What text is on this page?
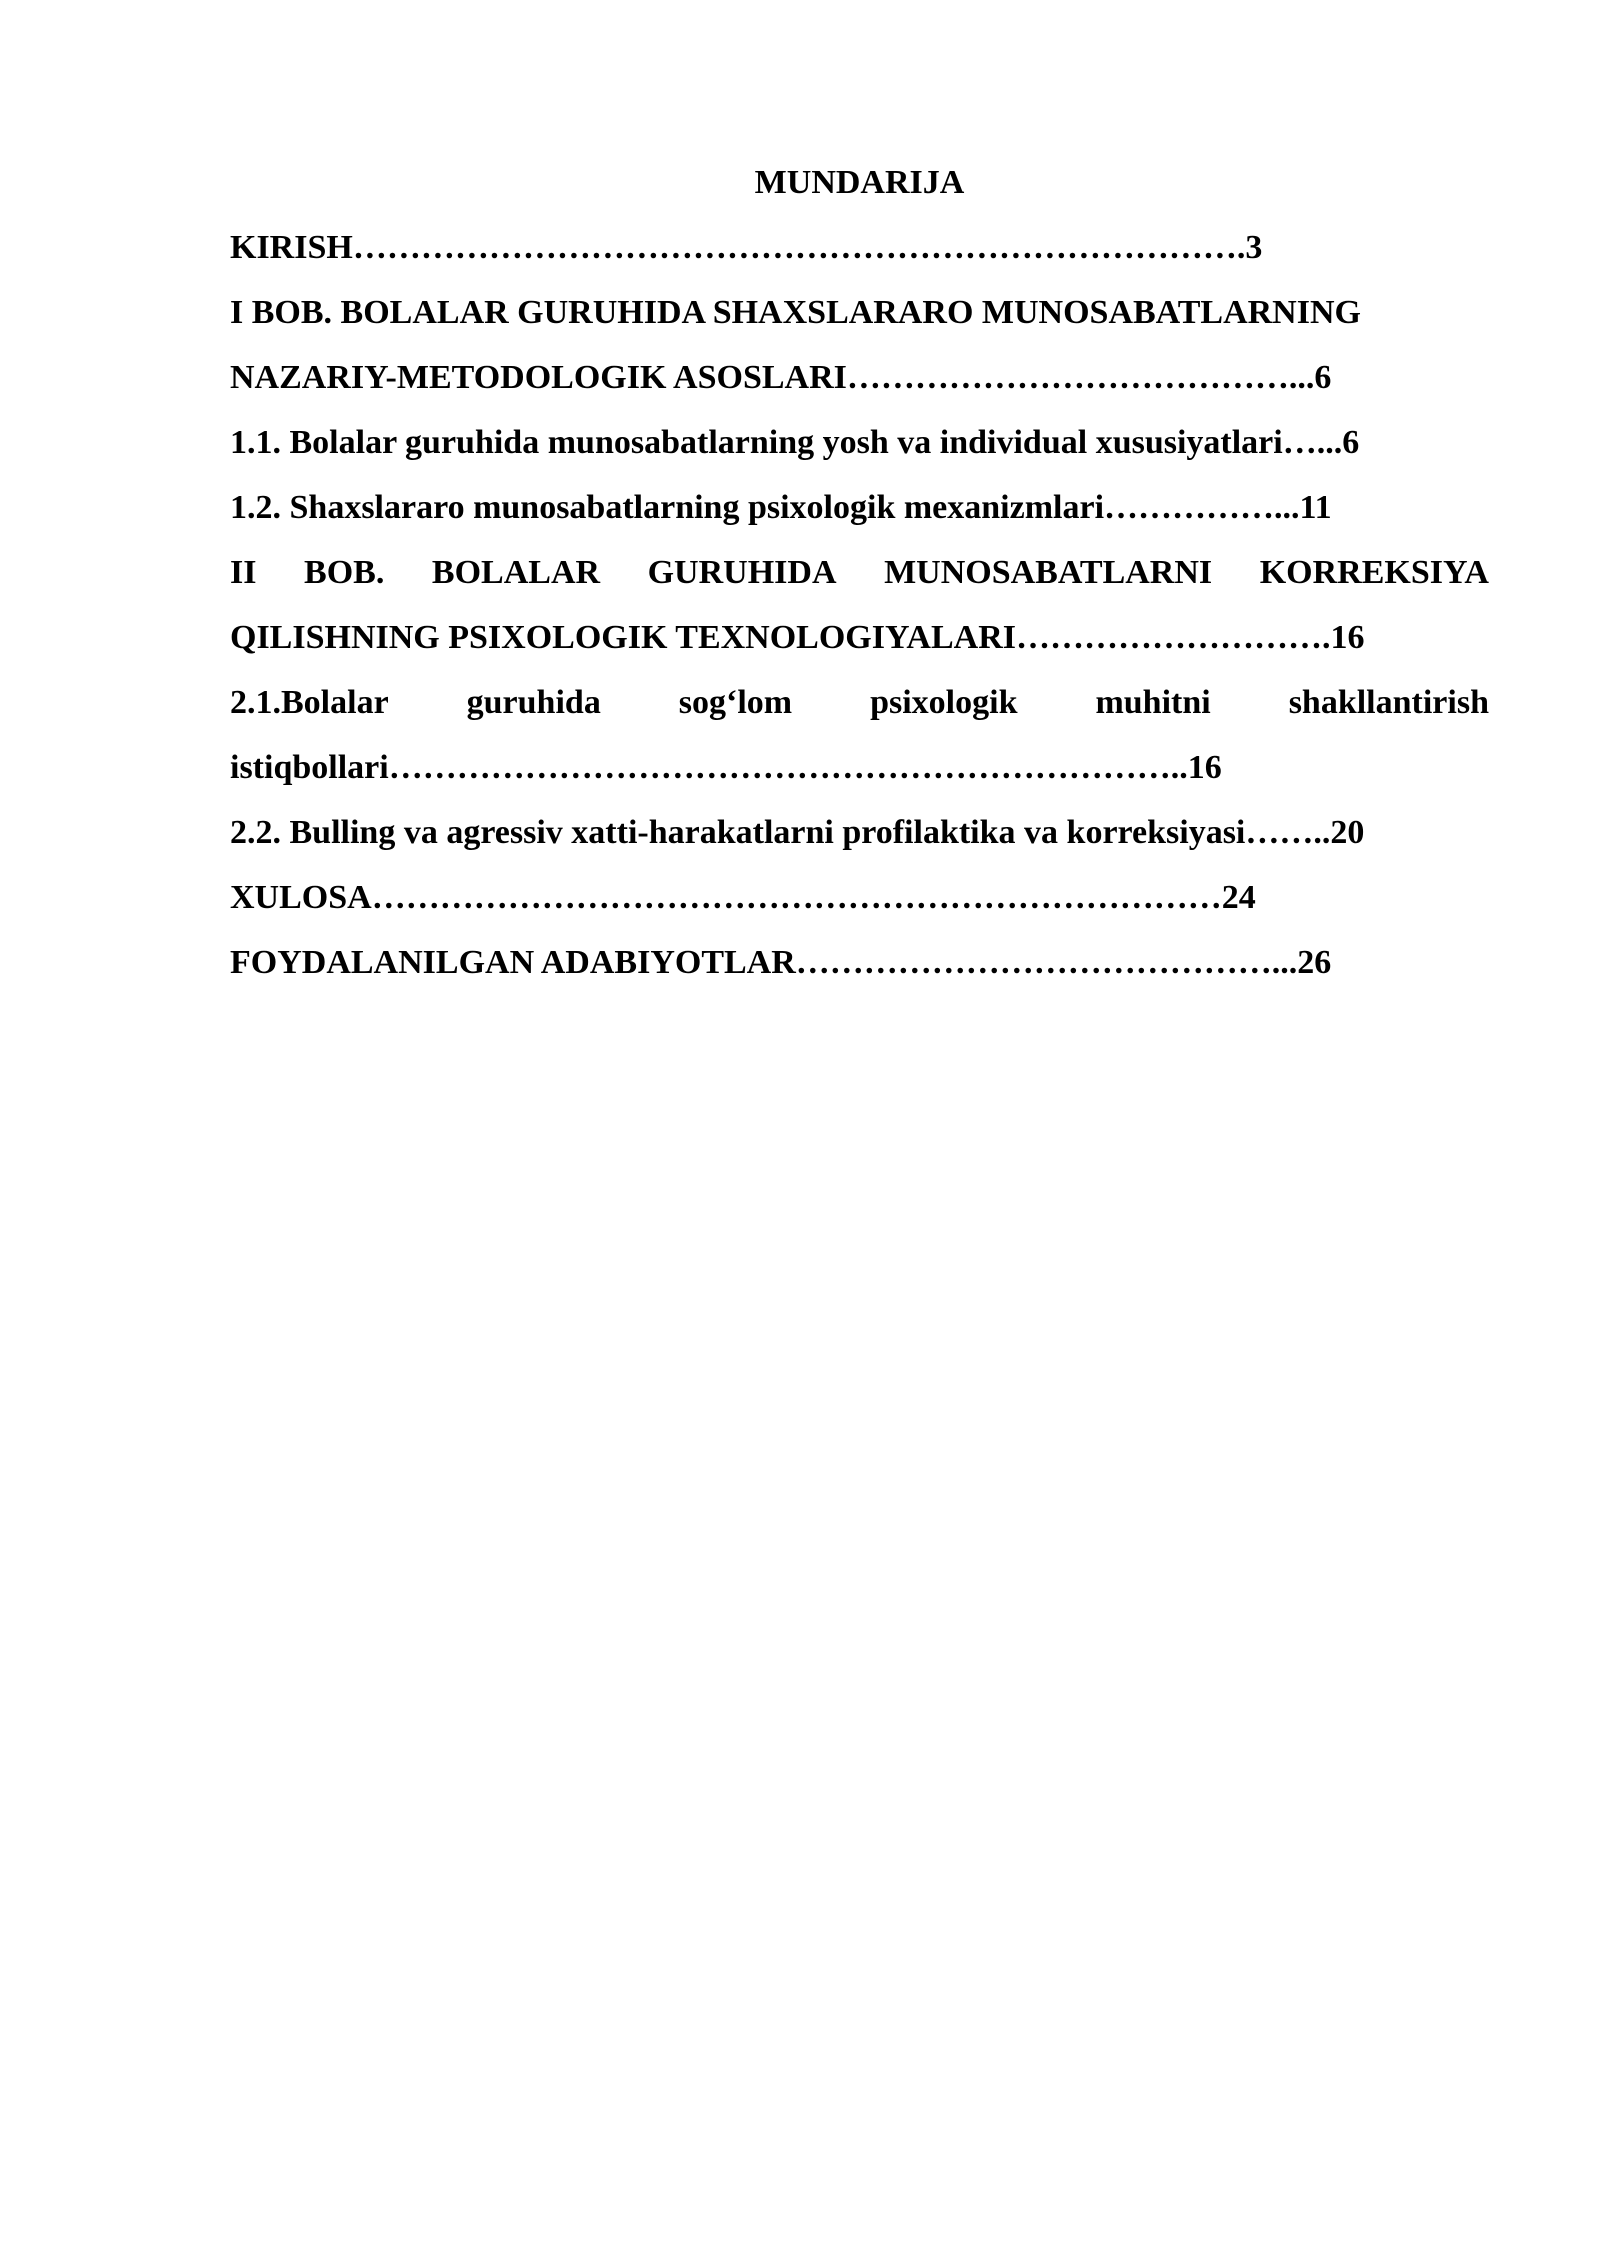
MUNDARIJA
KIRISH…………………………………………………………………….3
I BOB. BOLALAR GURUHIDA SHAXSLARARO MUNOSABATLARNING
NAZARIY-METODOLOGIK ASOSLARI…………………………………...6
1.1. Bolalar guruhida munosabatlarning yosh va individual xususiyatlari…...6
1.2. Shaxslararo munosabatlarning psixologik mexanizmlari……………...11
II BOB. BOLALAR GURUHIDA MUNOSABATLARNI KORREKSIYA
QILISHNING PSIXOLOGIK TEXNOLOGIYALARI……………………….16
2.1.Bolalar guruhida sog‘lom psixologik muhitni shakllantirish
istiqbollari……………………………………………………………..16
2.2. Bulling va agressiv xatti-harakatlarni profilaktika va korreksiyasi……..20
XULOSA…………………………………………………………………24
FOYDALANILGAN ADABIYOTLAR……………………………………...26
